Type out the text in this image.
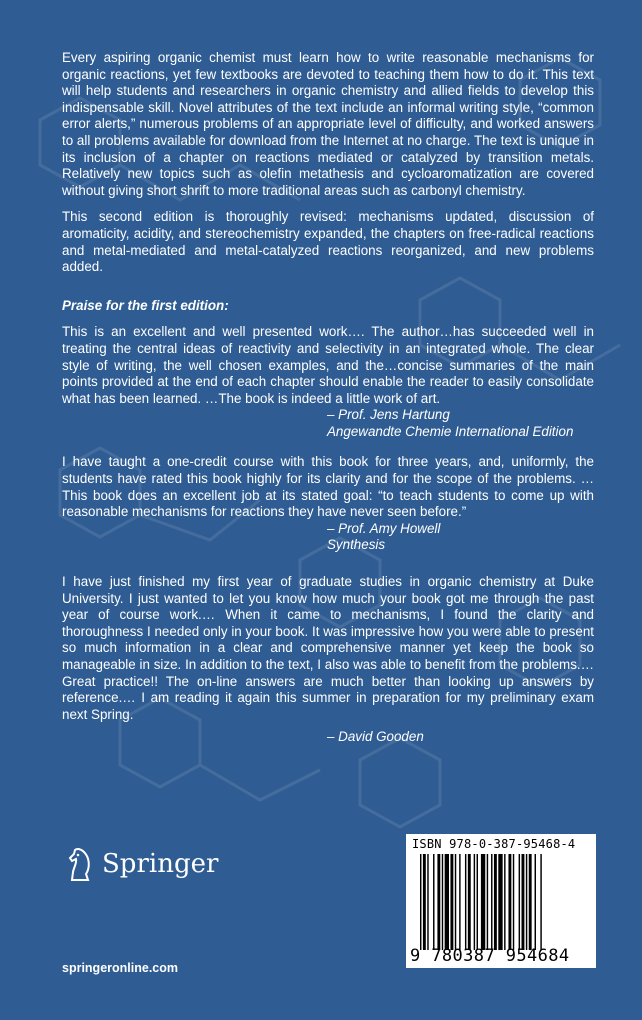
Every aspiring organic chemist must learn how to write reasonable mechanisms for organic reactions, yet few textbooks are devoted to teaching them how to do it. This text will help students and researchers in organic chemistry and allied fields to develop this indispensable skill. Novel attributes of the text include an informal writing style, “common error alerts,” numerous problems of an appropriate level of difficulty, and worked answers to all problems available for download from the Internet at no charge. The text is unique in its inclusion of a chapter on reactions mediated or catalyzed by transition metals. Relatively new topics such as olefin metathesis and cycloaromatization are covered without giving short shrift to more traditional areas such as carbonyl chemistry.

This second edition is thoroughly revised: mechanisms updated, discussion of aromaticity, acidity, and stereochemistry expanded, the chapters on free-radical reactions and metal-mediated and metal-catalyzed reactions reorganized, and new problems added.

Praise for the first edition:
This is an excellent and well presented work…. The author…has succeeded well in treating the central ideas of reactivity and selectivity in an integrated whole. The clear style of writing, the well chosen examples, and the…concise summaries of the main points provided at the end of each chapter should enable the reader to easily consolidate what has been learned. …The book is indeed a little work of art.
– Prof. Jens Hartung
Angewandte Chemie International Edition
I have taught a one-credit course with this book for three years, and, uniformly, the students have rated this book highly for its clarity and for the scope of the problems. …This book does an excellent job at its stated goal: “to teach students to come up with reasonable mechanisms for reactions they have never seen before.”
– Prof. Amy Howell
Synthesis
I have just finished my first year of graduate studies in organic chemistry at Duke University. I just wanted to let you know how much your book got me through the past year of course work.… When it came to mechanisms, I found the clarity and thoroughness I needed only in your book. It was impressive how you were able to present so much information in a clear and comprehensive manner yet keep the book so manageable in size. In addition to the text, I also was able to benefit from the problems.… Great practice!! The on-line answers are much better than looking up answers by reference.… I am reading it again this summer in preparation for my preliminary exam next Spring.
– David Gooden
Springer
springeronline.com
ISBN 978-0-387-95468-4
9 780387 954684
